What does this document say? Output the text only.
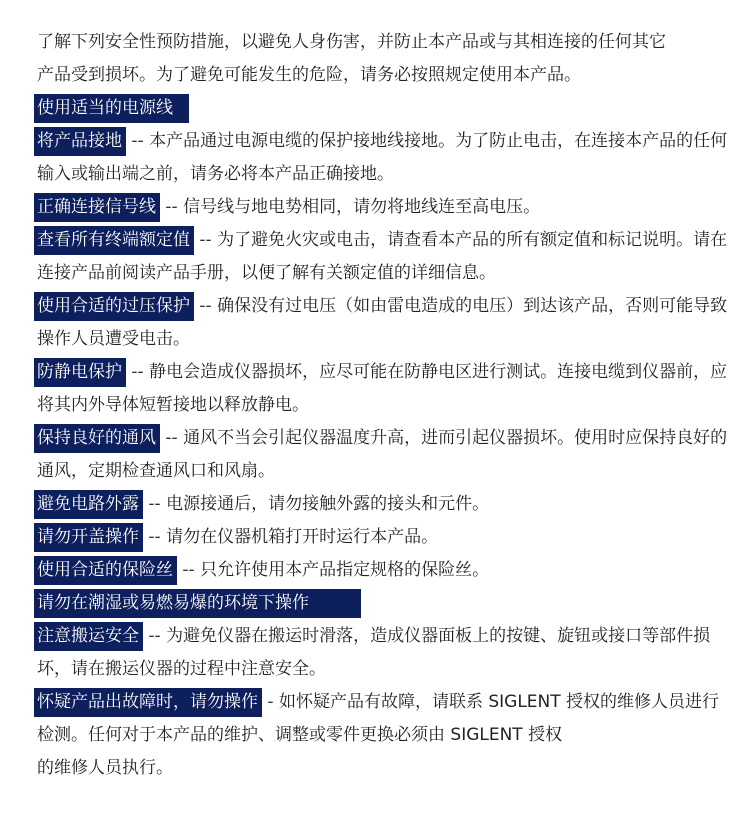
了解下列安全性预防措施，以避免人身伤害，并防止本产品或与其相连接的任何其它
产品受到损坏。为了避免可能发生的危险，请务必按照规定使用本产品。

使用适当的电源线

将产品接地 -- 本产品通过电源电缆的保护接地线接地。为了防止电击，在连接本产品的任何输入或输出端之前，请务必将本产品正确接地。

正确连接信号线 -- 信号线与地电势相同，请勿将地线连至高电压。

查看所有终端额定值 -- 为了避免火灾或电击，请查看本产品的所有额定值和标记说明。请在连接产品前阅读产品手册，以便了解有关额定值的详细信息。

使用合适的过压保护 -- 确保没有过电压（如由雷电造成的电压）到达该产品，否则可能导致操作人员遭受电击。

防静电保护 -- 静电会造成仪器损坏，应尽可能在防静电区进行测试。连接电缆到仪器前，应将其内外导体短暂接地以释放静电。

保持良好的通风 -- 通风不当会引起仪器温度升高，进而引起仪器损坏。使用时应保持良好的通风，定期检查通风口和风扇。

避免电路外露 -- 电源接通后，请勿接触外露的接头和元件。

请勿开盖操作 -- 请勿在仪器机箱打开时运行本产品。

使用合适的保险丝 -- 只允许使用本产品指定规格的保险丝。

请勿在潮湿或易燃易爆的环境下操作

注意搬运安全 -- 为避免仪器在搬运时滑落，造成仪器面板上的按键、旋钮或接口等部件损坏，请在搬运仪器的过程中注意安全。

怀疑产品出故障时，请勿操作 - 如怀疑产品有故障，请联系 SIGLENT 授权的维修人员进行检测。任何对于本产品的维护、调整或零件更换必须由 SIGLENT 授权
的维修人员执行。
